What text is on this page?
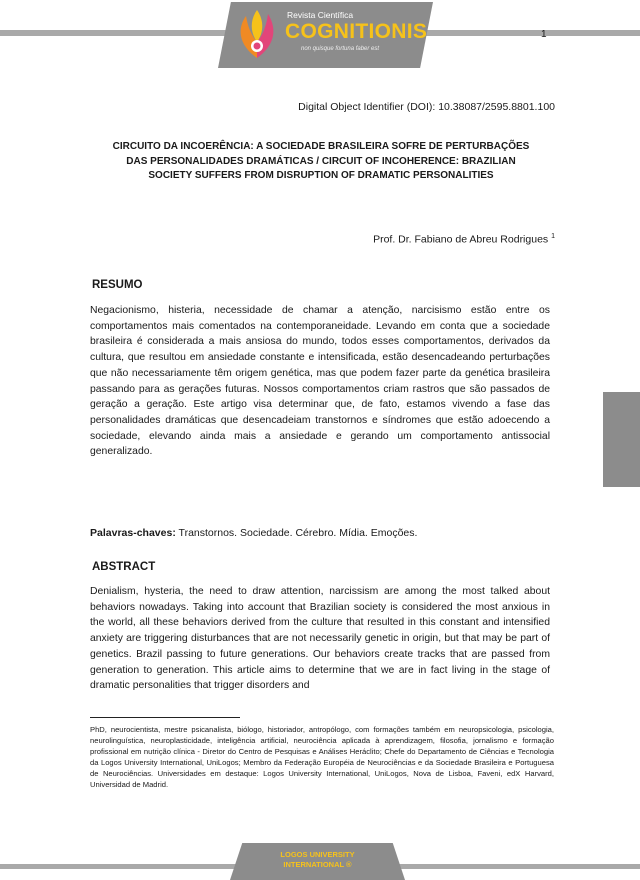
Revista Científica
COGNITIONIS
non quisque fortuna faber est
1
Digital Object Identifier (DOI): 10.38087/2595.8801.100
CIRCUITO DA INCOERÊNCIA: A SOCIEDADE BRASILEIRA SOFRE DE PERTURBAÇÕES DAS PERSONALIDADES DRAMÁTICAS / CIRCUIT OF INCOHERENCE: BRAZILIAN SOCIETY SUFFERS FROM DISRUPTION OF DRAMATIC PERSONALITIES
Prof. Dr. Fabiano de Abreu Rodrigues $^1$
RESUMO
Negacionismo, histeria, necessidade de chamar a atenção, narcisismo estão entre os comportamentos mais comentados na contemporaneidade. Levando em conta que a sociedade brasileira é considerada a mais ansiosa do mundo, todos esses comportamentos, derivados da cultura, que resultou em ansiedade constante e intensificada, estão desencadeando perturbações que não necessariamente têm origem genética, mas que podem fazer parte da genética brasileira passando para as gerações futuras. Nossos comportamentos criam rastros que são passados de geração a geração. Este artigo visa determinar que, de fato, estamos vivendo a fase das personalidades dramáticas que desencadeiam transtornos e síndromes que estão adoecendo a sociedade, elevando ainda mais a ansiedade e gerando um comportamento antissocial generalizado.
Palavras-chaves: Transtornos. Sociedade. Cérebro. Mídia. Emoções.
ABSTRACT
Denialism, hysteria, the need to draw attention, narcissism are among the most talked about behaviors nowadays. Taking into account that Brazilian society is considered the most anxious in the world, all these behaviors derived from the culture that resulted in this constant and intensified anxiety are triggering disturbances that are not necessarily genetic in origin, but that may be part of genetics. Brazil passing to future generations. Our behaviors create tracks that are passed from generation to generation. This article aims to determine that we are in fact living in the stage of dramatic personalities that trigger disorders and
PhD, neurocientista, mestre psicanalista, biólogo, historiador, antropólogo, com formações também em neuropsicologia, psicologia, neurolinguística, neuroplasticidade, inteligência artificial, neurociência aplicada à aprendizagem, filosofia, jornalismo e formação profissional em nutrição clínica - Diretor do Centro de Pesquisas e Análises Heráclito; Chefe do Departamento de Ciências e Tecnologia da Logos University International, UniLogos; Membro da Federação Européia de Neurociências e da Sociedade Brasileira e Portuguesa de Neurociências. Universidades em destaque: Logos University International, UniLogos, Nova de Lisboa, Faveni, edX Harvard, Universidad de Madrid.
LOGOS UNIVERSITY
INTERNATIONAL ®
